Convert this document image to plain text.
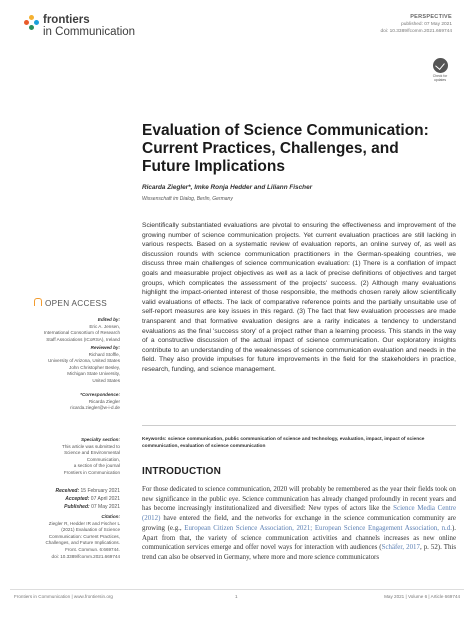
frontiers
in Communication
PERSPECTIVE
published: 07 May 2021
doi: 10.3389/fcomm.2021.669744
Check for updates
Evaluation of Science Communication: Current Practices, Challenges, and Future Implications
Ricarda Ziegler*, Imke Ronja Hedder and Liliann Fischer
Wissenschaft im Dialog, Berlin, Germany
Scientifically substantiated evaluations are pivotal to ensuring the effectiveness and improvement of the growing number of science communication projects. Yet current evaluation practices are still lacking in various respects. Based on a systematic review of evaluation reports, an online survey of, as well as discussion rounds with science communication practitioners in the German-speaking countries, we discuss three main challenges of science communication evaluation: (1) There is a conflation of impact goals and measurable project objectives as well as a lack of precise definitions of objectives and target groups, which complicates the assessment of the projects' success. (2) Although many evaluations highlight the impact-oriented interest of those responsible, the methods chosen rarely allow scientifically valid evaluations of effects. The lack of comparative reference points and the partially unsuitable use of self-report measures are key issues in this regard. (3) The fact that few evaluation processes are made transparent and that formative evaluation designs are a rarity indicates a tendency to understand evaluations as the final 'success story' of a project rather than a learning process. This stands in the way of a constructive discussion of the actual impact of science communication. Our exploratory insights contribute to an understanding of the weaknesses of science communication evaluation and needs in the field. They also provide impulses for future improvements in the field for the stakeholders in practice, research, funding, and science management.
Keywords: science communication, public communication of science and technology, evaluation, impact, impact of science communication, evaluation of science communication
INTRODUCTION
For those dedicated to science communication, 2020 will probably be remembered as the year their fields took on new significance in the public eye. Science communication has already changed profoundly in recent years and has become increasingly institutionalized and diversified: New types of actors like the Science Media Centre (2012) have entered the field, and the networks for exchange in the science communication community are growing (e.g., European Citizen Science Association, 2021; European Science Engagement Association, n.d.). Apart from that, the variety of science communication activities and channels increases as new online communication services emerge and offer novel ways for interaction with audiences (Schäfer, 2017, p. 52). This trend can also be observed in Germany, where more and more science communicators
OPEN ACCESS
Edited by:
Eric A. Jensen,
International Consortium of Research
Staff Associations (ICoRSA), Ireland
Reviewed by:
Richard Stoffle,
University of Arizona, United States
John Christopher Besley,
Michigan State University,
United States
*Correspondence:
Ricarda Ziegler
ricarda.ziegler@w-i-d.de
Specialty section:
This article was submitted to
Science and Environmental
Communication,
a section of the journal
Frontiers in Communication
Received: 15 February 2021
Accepted: 07 April 2021
Published: 07 May 2021
Citation:
Ziegler R, Hedder IR and Fischer L
(2021) Evaluation of Science
Communication: Current Practices,
Challenges, and Future Implications.
Front. Commun. 6:669744.
doi: 10.3389/fcomm.2021.669744
Frontiers in Communication | www.frontiersin.org	1	May 2021 | Volume 6 | Article 669744
